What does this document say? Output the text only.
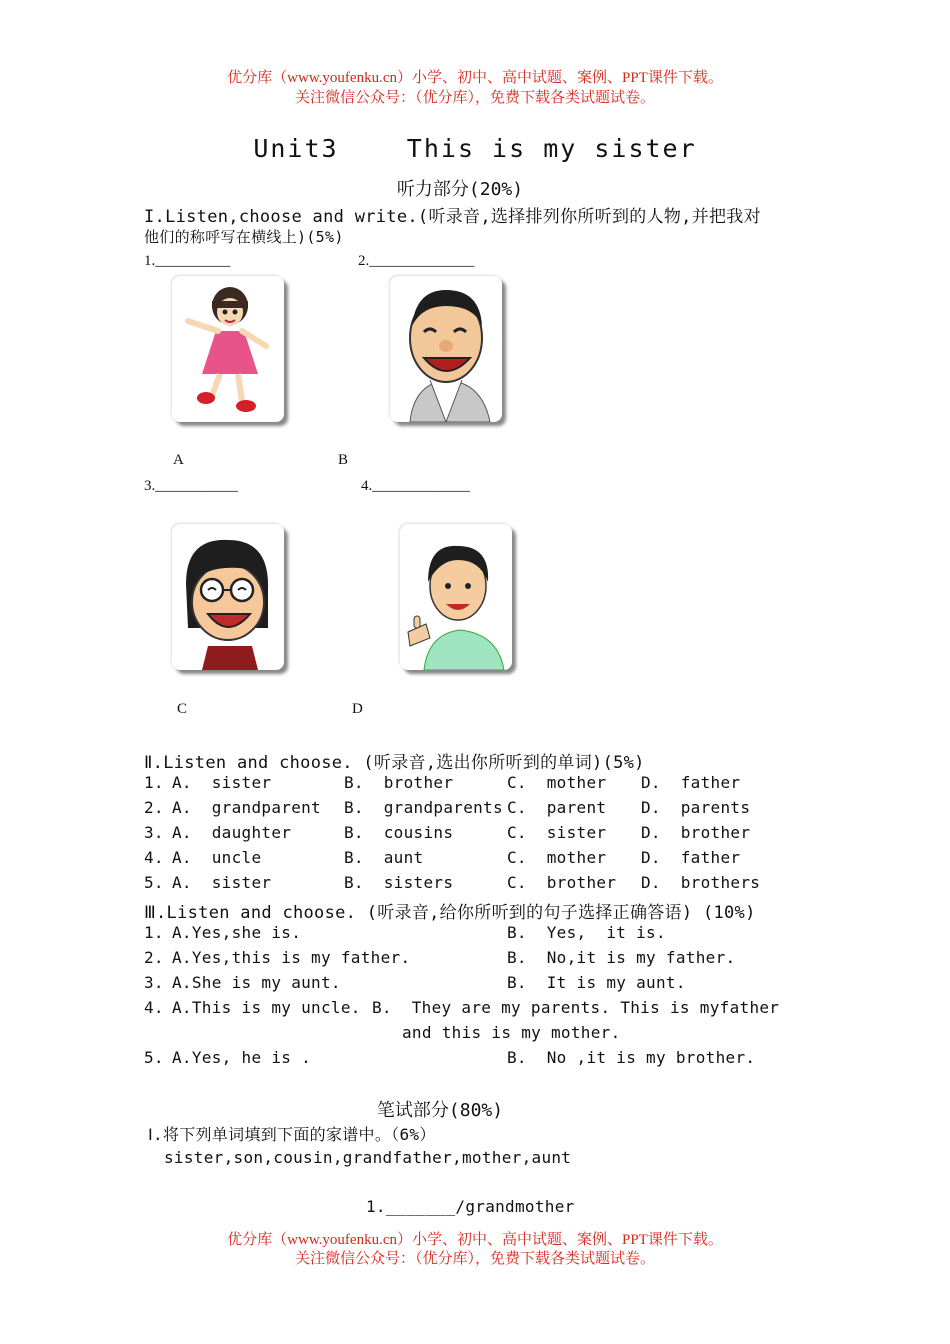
优分库（www.youfenku.cn）小学、初中、高中试题、案例、PPT课件下载。
关注微信公众号：（优分库），免费下载各类试题试卷。
Unit3    This is my sister
听力部分(20%)
I.Listen,choose and write.(听录音,选择排列你所听到的人物,并把我对
他们的称呼写在横线上)(5%)
1.__________	2.______________
A	B
3.___________	4._____________
C	D
Ⅱ.Listen and choose. (听录音,选出你所听到的单词)(5%)
1. A.  sister	B.  brother	C.  mother D.  father
2. A.  grandparent B.  grandparents C.  parent D.  parents
3. A.  daughter	B.  cousins	C.  sister D.  brother
4. A.  uncle	B.  aunt	C.  mother D.  father
5. A.  sister	B.  sisters	C.  brother D.  brothers
Ⅲ.Listen and choose. (听录音,给你所听到的句子选择正确答语) (10%)
1. A.Yes,she is.	B.  Yes,  it is.
2. A.Yes,this is my father.	B.  No,it is my father.
3. A.She is my aunt.	B.  It is my aunt.
4. A.This is my uncle. B.  They are my parents. This is myfather
and this is my mother.
5. A.Yes, he is .	B.  No ,it is my brother.
笔试部分(80%)
Ⅰ.将下列单词填到下面的家谱中。（6%）
sister,son,cousin,grandfather,mother,aunt
1._______/grandmother
优分库（www.youfenku.cn）小学、初中、高中试题、案例、PPT课件下载。
关注微信公众号：（优分库），免费下载各类试题试卷。
